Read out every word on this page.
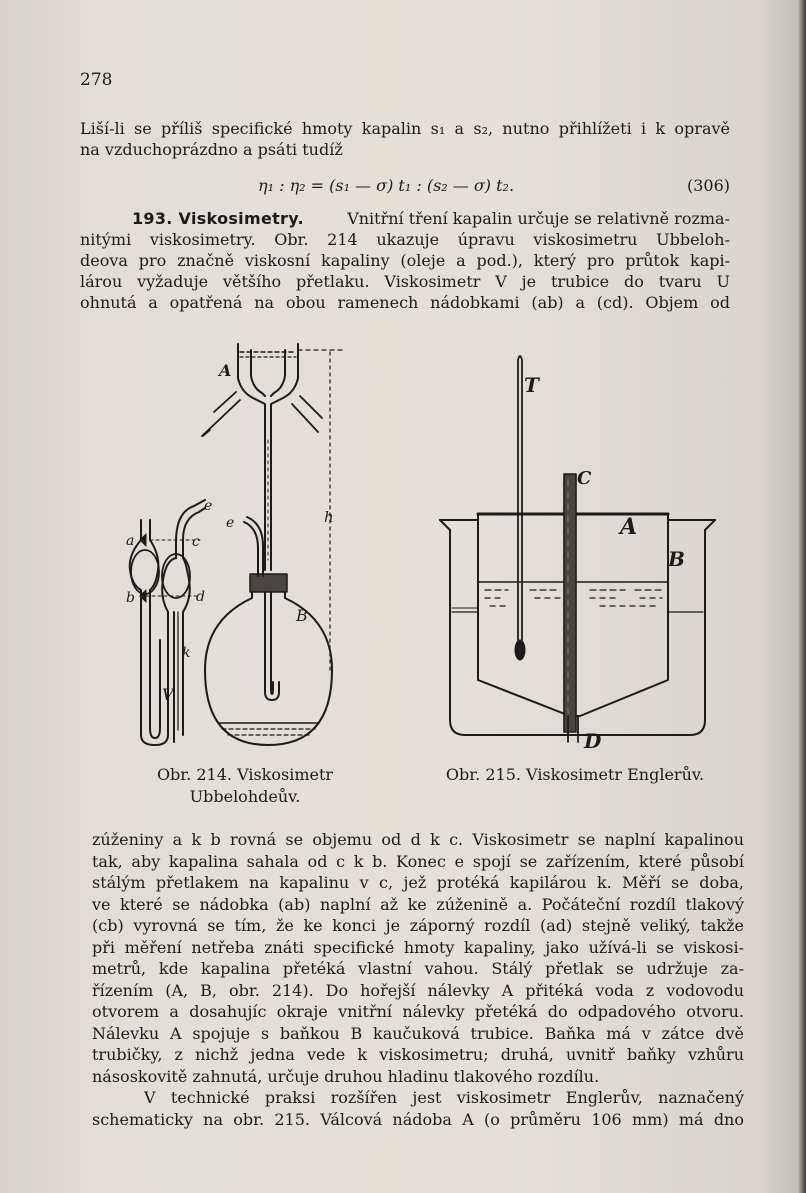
278
Liší-li se příliš specifické hmoty kapalin s₁ a s₂, nutno přihlížeti i k opravě
na vzduchoprázdno a psáti tudíž
η₁ : η₂ = (s₁ — σ) t₁ : (s₂ — σ) t₂.	(306)
193. Viskosimetry.	Vnitřní tření kapalin určuje se relativně rozma-
nitými viskosimetry. Obr. 214 ukazuje úpravu viskosimetru Ubbeloh-
deova pro značně viskosní kapaliny (oleje a pod.), který pro průtok kapi-
lárou vyžaduje většího přetlaku. Viskosimetr V je trubice do tvaru U
ohnutá a opatřená na obou ramenech nádobkami (ab) a (cd). Objem od
A
B
V
a
b
c
d
e
e	h
k
T
C
A
B
D
Obr. 214. Viskosimetr
Ubbelohdeův.
Obr. 215. Viskosimetr Englerův.
zúženiny a k b rovná se objemu od d k c. Viskosimetr se naplní kapalinou
tak, aby kapalina sahala od c k b. Konec e spojí se zařízením, které působí
stálým přetlakem na kapalinu v c, jež protéká kapilárou k. Měří se doba,
ve které se nádobka (ab) naplní až ke zúženině a. Počáteční rozdíl tlakový
(cb) vyrovná se tím, že ke konci je záporný rozdíl (ad) stejně veliký, takže
při měření netřeba znáti specifické hmoty kapaliny, jako užívá-li se viskosi-
metrů, kde kapalina přetéká vlastní vahou. Stálý přetlak se udržuje za-
řízením (A, B, obr. 214). Do hořejší nálevky A přitéká voda z vodovodu
otvorem a dosahujíc okraje vnitřní nálevky přetéká do odpadového otvoru.
Nálevku A spojuje s baňkou B kaučuková trubice. Baňka má v zátce dvě
trubičky, z nichž jedna vede k viskosimetru; druhá, uvnitř baňky vzhůru
násoskovitě zahnutá, určuje druhou hladinu tlakového rozdílu.
V technické praksi rozšířen jest viskosimetr Englerův, naznačený
schematicky na obr. 215. Válcová nádoba A (o průměru 106 mm) má dno
